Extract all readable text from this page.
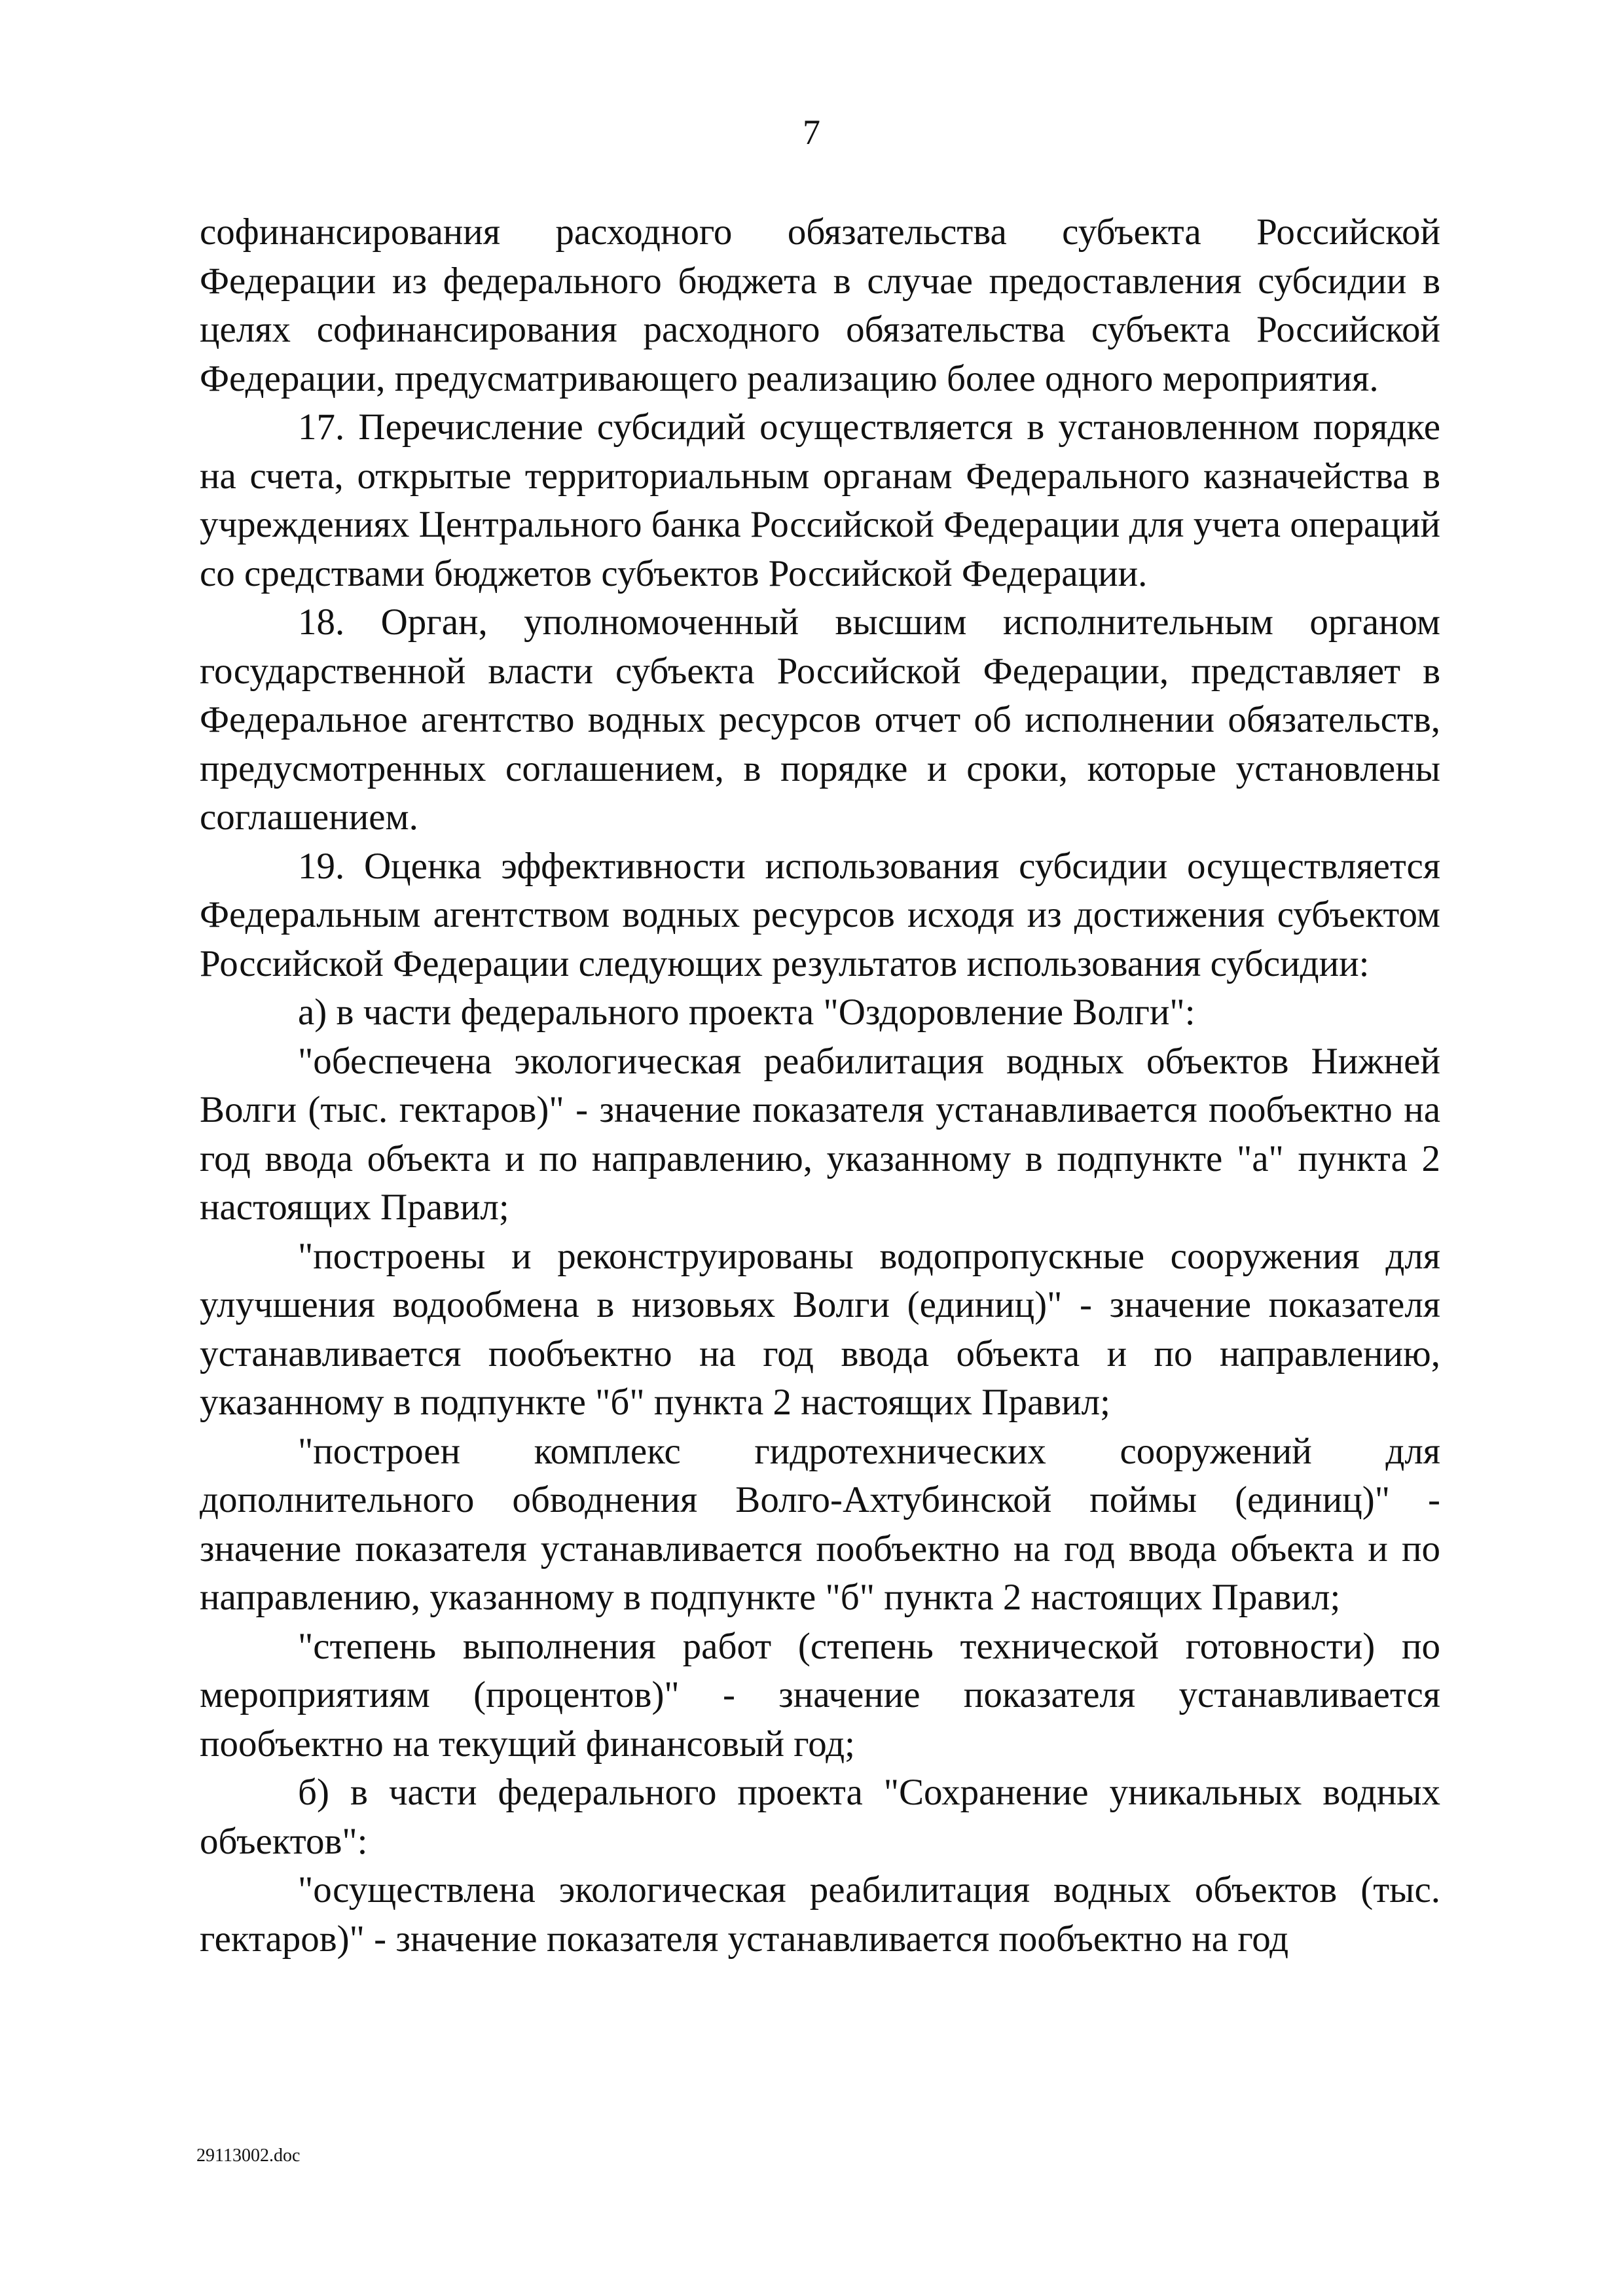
7

софинансирования расходного обязательства субъекта Российской Федерации из федерального бюджета в случае предоставления субсидии в целях софинансирования расходного обязательства субъекта Российской Федерации, предусматривающего реализацию более одного мероприятия.

17. Перечисление субсидий осуществляется в установленном порядке на счета, открытые территориальным органам Федерального казначейства в учреждениях Центрального банка Российской Федерации для учета операций со средствами бюджетов субъектов Российской Федерации.

18. Орган, уполномоченный высшим исполнительным органом государственной власти субъекта Российской Федерации, представляет в Федеральное агентство водных ресурсов отчет об исполнении обязательств, предусмотренных соглашением, в порядке и сроки, которые установлены соглашением.

19. Оценка эффективности использования субсидии осуществляется Федеральным агентством водных ресурсов исходя из достижения субъектом Российской Федерации следующих результатов использования субсидии:

а) в части федерального проекта "Оздоровление Волги":

"обеспечена экологическая реабилитация водных объектов Нижней Волги (тыс. гектаров)" - значение показателя устанавливается пообъектно на год ввода объекта и по направлению, указанному в подпункте "а" пункта 2 настоящих Правил;

"построены и реконструированы водопропускные сооружения для улучшения водообмена в низовьях Волги (единиц)" - значение показателя устанавливается пообъектно на год ввода объекта и по направлению, указанному в подпункте "б" пункта 2 настоящих Правил;

"построен комплекс гидротехнических сооружений для дополнительного обводнения Волго-Ахтубинской поймы (единиц)" - значение показателя устанавливается пообъектно на год ввода объекта и по направлению, указанному в подпункте "б" пункта 2 настоящих Правил;

"степень выполнения работ (степень технической готовности) по мероприятиям (процентов)" - значение показателя устанавливается пообъектно на текущий финансовый год;

б) в части федерального проекта "Сохранение уникальных водных объектов":

"осуществлена экологическая реабилитация водных объектов (тыс. гектаров)" - значение показателя устанавливается пообъектно на год

29113002.doc
